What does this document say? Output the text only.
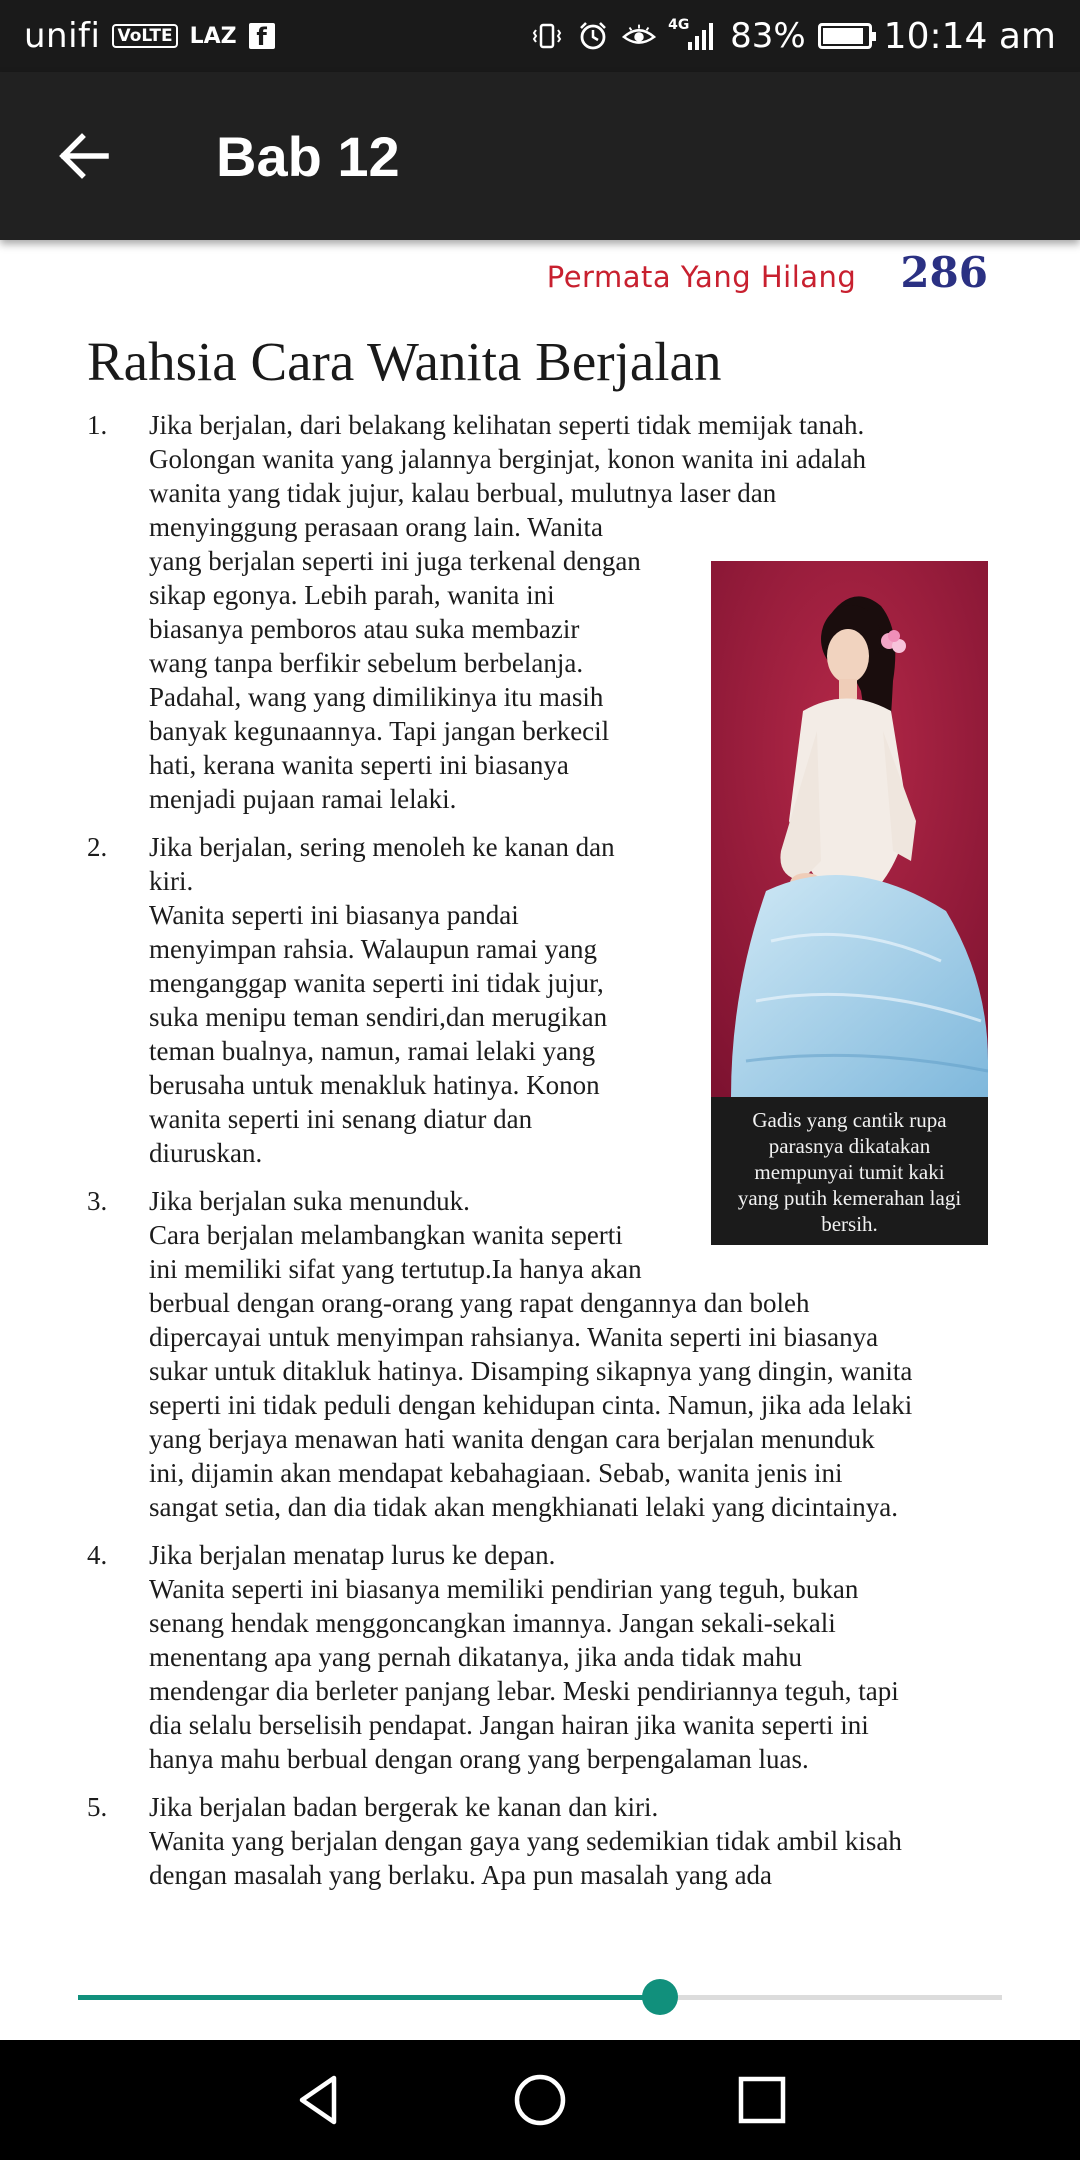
unifi VoLTE LAZ f	4G 83% 10:14 am
Bab 12
Permata Yang Hilang 286
Rahsia Cara Wanita Berjalan
1.	Jika berjalan, dari belakang kelihatan seperti tidak memijak tanah.
Golongan wanita yang jalannya berginjat, konon wanita ini adalah
wanita yang tidak jujur, kalau berbual, mulutnya laser dan
menyinggung perasaan orang lain. Wanita
yang berjalan seperti ini juga terkenal dengan
sikap egonya. Lebih parah, wanita ini
biasanya pemboros atau suka membazir
wang tanpa berfikir sebelum berbelanja.
Padahal, wang yang dimilikinya itu masih
banyak kegunaannya. Tapi jangan berkecil
hati, kerana wanita seperti ini biasanya
menjadi pujaan ramai lelaki.
2.	Jika berjalan, sering menoleh ke kanan dan
kiri.
Wanita seperti ini biasanya pandai
menyimpan rahsia. Walaupun ramai yang
menganggap wanita seperti ini tidak jujur,
suka menipu teman sendiri,dan merugikan
teman bualnya, namun, ramai lelaki yang
berusaha untuk menakluk hatinya. Konon
wanita seperti ini senang diatur dan
diuruskan.
3.	Jika berjalan suka menunduk.
Cara berjalan melambangkan wanita seperti
ini memiliki sifat yang tertutup.Ia hanya akan
berbual dengan orang-orang yang rapat dengannya dan boleh
dipercayai untuk menyimpan rahsianya. Wanita seperti ini biasanya
sukar untuk ditakluk hatinya. Disamping sikapnya yang dingin, wanita
seperti ini tidak peduli dengan kehidupan cinta. Namun, jika ada lelaki
yang berjaya menawan hati wanita dengan cara berjalan menunduk
ini, dijamin akan mendapat kebahagiaan. Sebab, wanita jenis ini
sangat setia, dan dia tidak akan mengkhianati lelaki yang dicintainya.
4.	Jika berjalan menatap lurus ke depan.
Wanita seperti ini biasanya memiliki pendirian yang teguh, bukan
senang hendak menggoncangkan imannya. Jangan sekali-sekali
menentang apa yang pernah dikatanya, jika anda tidak mahu
mendengar dia berleter panjang lebar. Meski pendiriannya teguh, tapi
dia selalu berselisih pendapat. Jangan hairan jika wanita seperti ini
hanya mahu berbual dengan orang yang berpengalaman luas.
5.	Jika berjalan badan bergerak ke kanan dan kiri.
Wanita yang berjalan dengan gaya yang sedemikian tidak ambil kisah
dengan masalah yang berlaku. Apa pun masalah yang ada
Gadis yang cantik rupa
parasnya dikatakan
mempunyai tumit kaki
yang putih kemerahan lagi
bersih.
